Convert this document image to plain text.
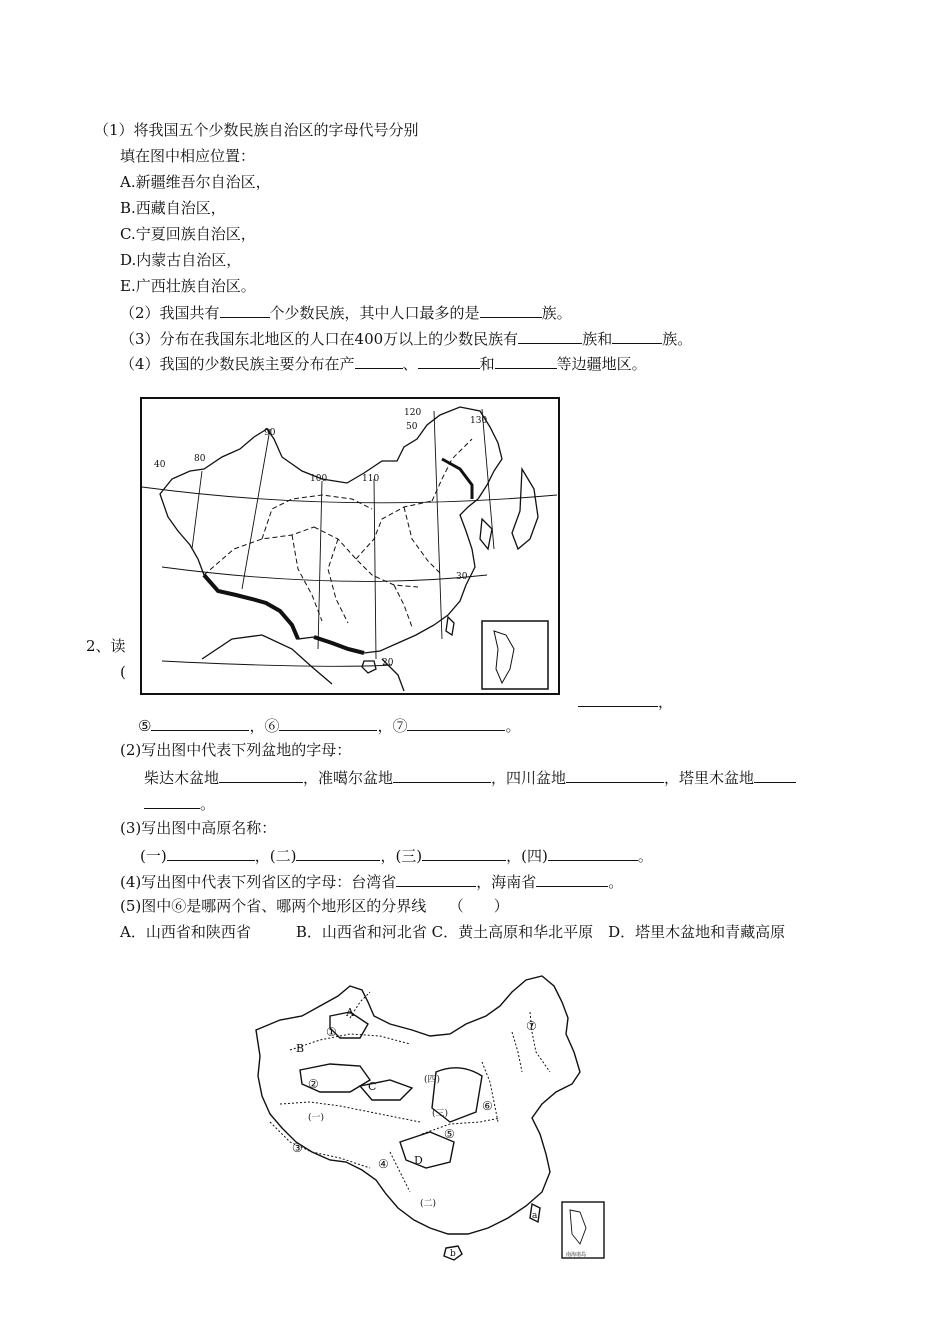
（1）将我国五个少数民族自治区的字母代号分别
填在图中相应位置：
A.新疆维吾尔自治区，
B.西藏自治区，
C.宁夏回族自治区，
D.内蒙古自治区，
E.广西壮族自治区。
（2）我国共有	个少数民族，其中人口最多的是	族。
（3）分布在我国东北地区的人口在400万以上的少数民族有	族和	族。
（4）我国的少数民族主要分布在产	、	和	等边疆地区。
120
130
50
90
40
80
100	110
30
20
2、读
(
，
⑤	，⑥	，⑦	。
(2)写出图中代表下列盆地的字母：
柴达木盆地	，准噶尔盆地	，四川盆地	，塔里木盆地
。
(3)写出图中高原名称：
(一)	，(二)	，(三)	，(四)	。
(4)写出图中代表下列省区的字母：台湾省	，海南省	。
(5)图中⑥是哪两个省、哪两个地形区的分界线　　（　　）
A．山西省和陕西省　　　B．山西省和河北省 C．黄土高原和华北平原　D．塔里木盆地和青藏高原
南海诸岛
A
B
C
D
a
b
①
②
③
④
⑤
⑥
⑦
(一)
(二)
(三)
(四)
